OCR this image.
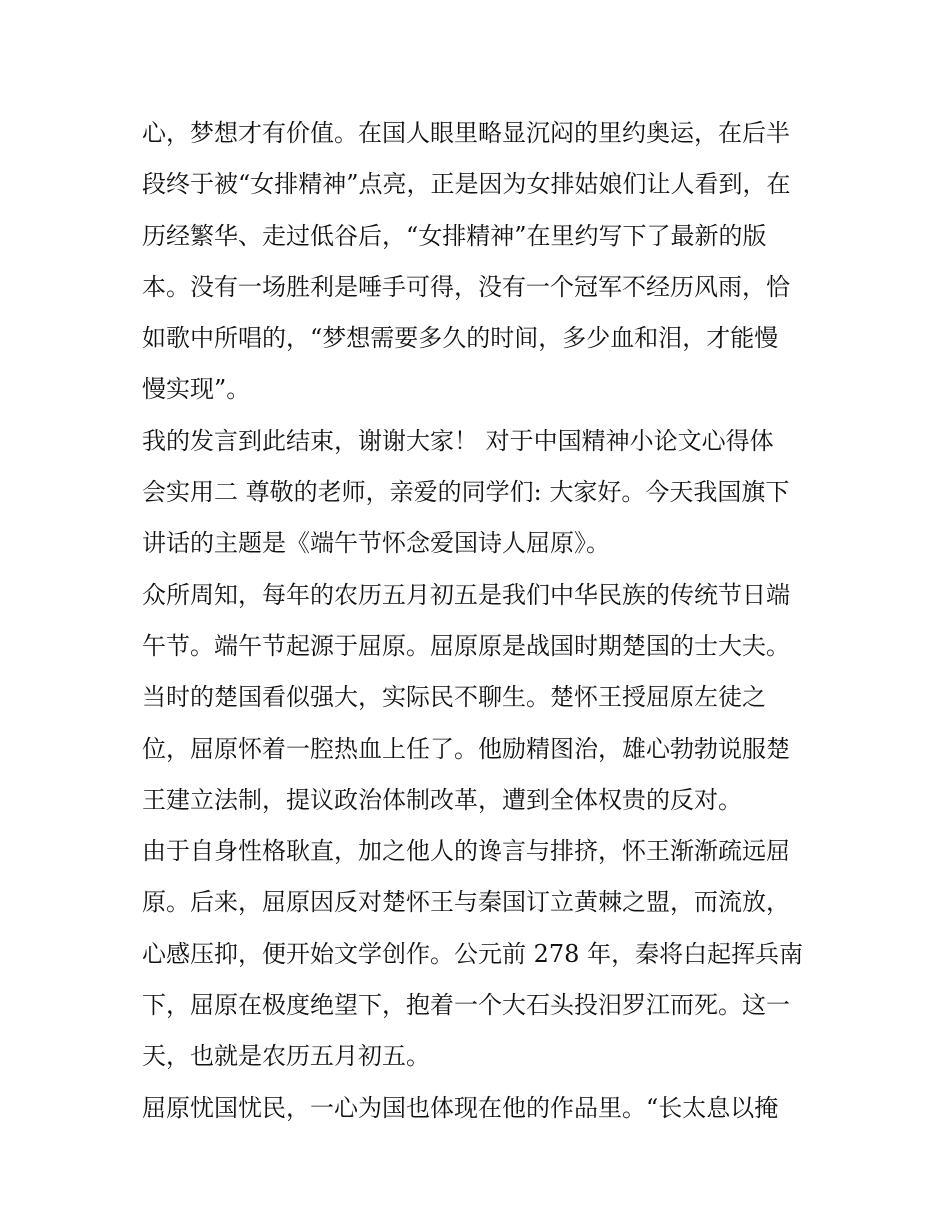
心，梦想才有价值。在国人眼里略显沉闷的里约奥运，在后半
段终于被“女排精神”点亮，正是因为女排姑娘们让人看到，在
历经繁华、走过低谷后，“女排精神”在里约写下了最新的版
本。没有一场胜利是唾手可得，没有一个冠军不经历风雨，恰
如歌中所唱的，“梦想需要多久的时间，多少血和泪，才能慢
慢实现”。
我的发言到此结束，谢谢大家！ 对于中国精神小论文心得体
会实用二 尊敬的老师，亲爱的同学们: 大家好。今天我国旗下
讲话的主题是《端午节怀念爱国诗人屈原》。
众所周知，每年的农历五月初五是我们中华民族的传统节日端
午节。端午节起源于屈原。屈原原是战国时期楚国的士大夫。
当时的楚国看似强大，实际民不聊生。楚怀王授屈原左徒之
位，屈原怀着一腔热血上任了。他励精图治，雄心勃勃说服楚
王建立法制，提议政治体制改革，遭到全体权贵的反对。
由于自身性格耿直，加之他人的谗言与排挤，怀王渐渐疏远屈
原。后来，屈原因反对楚怀王与秦国订立黄棘之盟，而流放，
心感压抑，便开始文学创作。公元前 278 年，秦将白起挥兵南
下，屈原在极度绝望下，抱着一个大石头投汨罗江而死。这一
天，也就是农历五月初五。
屈原忧国忧民，一心为国也体现在他的作品里。“长太息以掩
